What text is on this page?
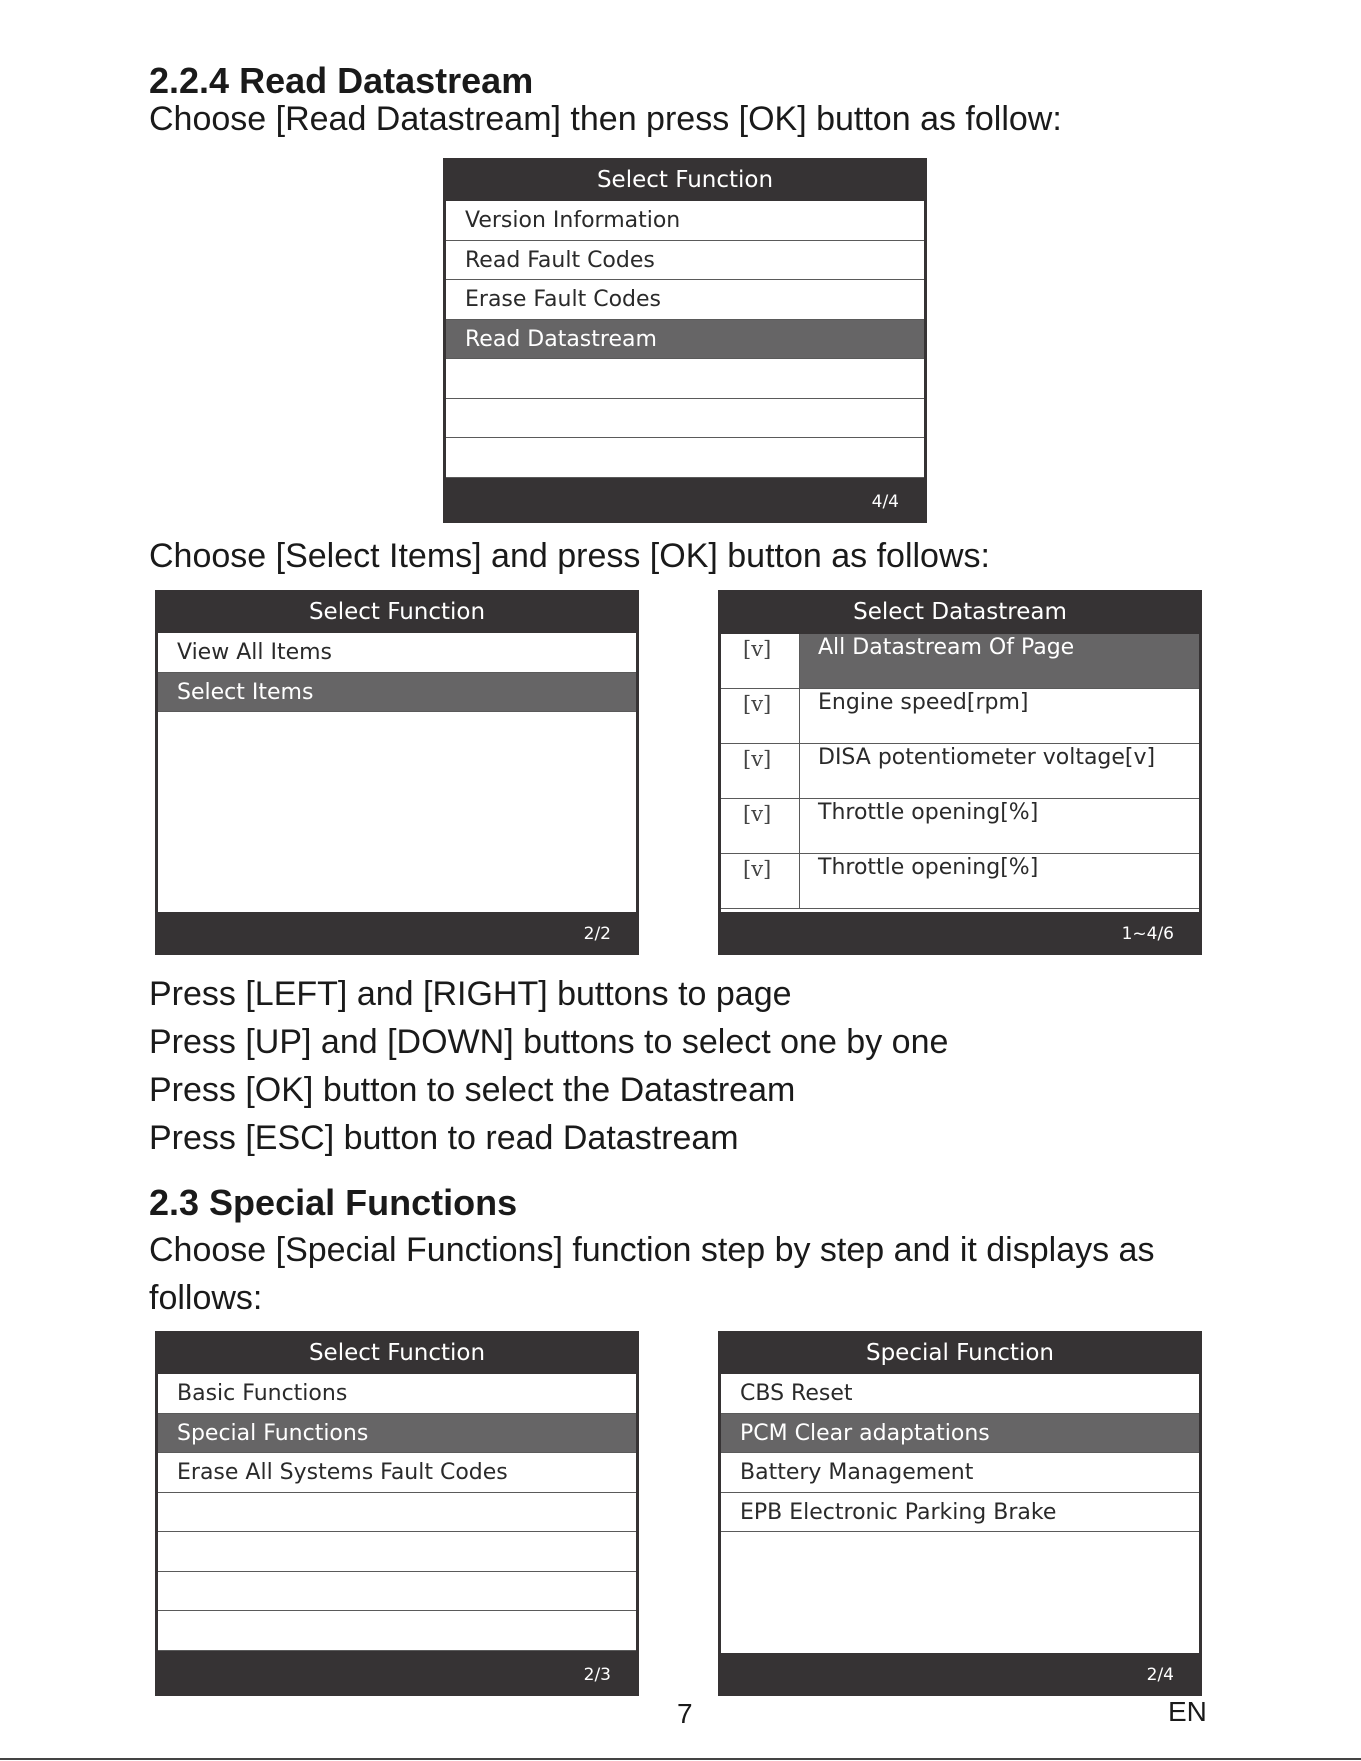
2.2.4 Read Datastream
Choose [Read Datastream] then press [OK] button as follow:
Select Function
Version Information
Read Fault Codes
Erase Fault Codes
Read Datastream
4/4
Choose [Select Items] and press [OK] button as follows:
Select Function
View All Items
Select Items
2/2
Select Datastream
[v]	All Datastream Of Page
[v]	Engine speed[rpm]
[v]	DISA potentiometer voltage[v]
[v]	Throttle opening[%]
[v]	Throttle opening[%]
1~4/6
Press [LEFT] and [RIGHT] buttons to page
Press [UP] and [DOWN] buttons to select one by one
Press [OK] button to select the Datastream
Press [ESC] button to read Datastream
2.3 Special Functions
Choose [Special Functions] function step by step and it displays as follows:
Select Function
Basic Functions
Special Functions
Erase All Systems Fault Codes
2/3
Special Function
CBS Reset
PCM Clear adaptations
Battery Management
EPB Electronic Parking Brake
2/4
7	EN
